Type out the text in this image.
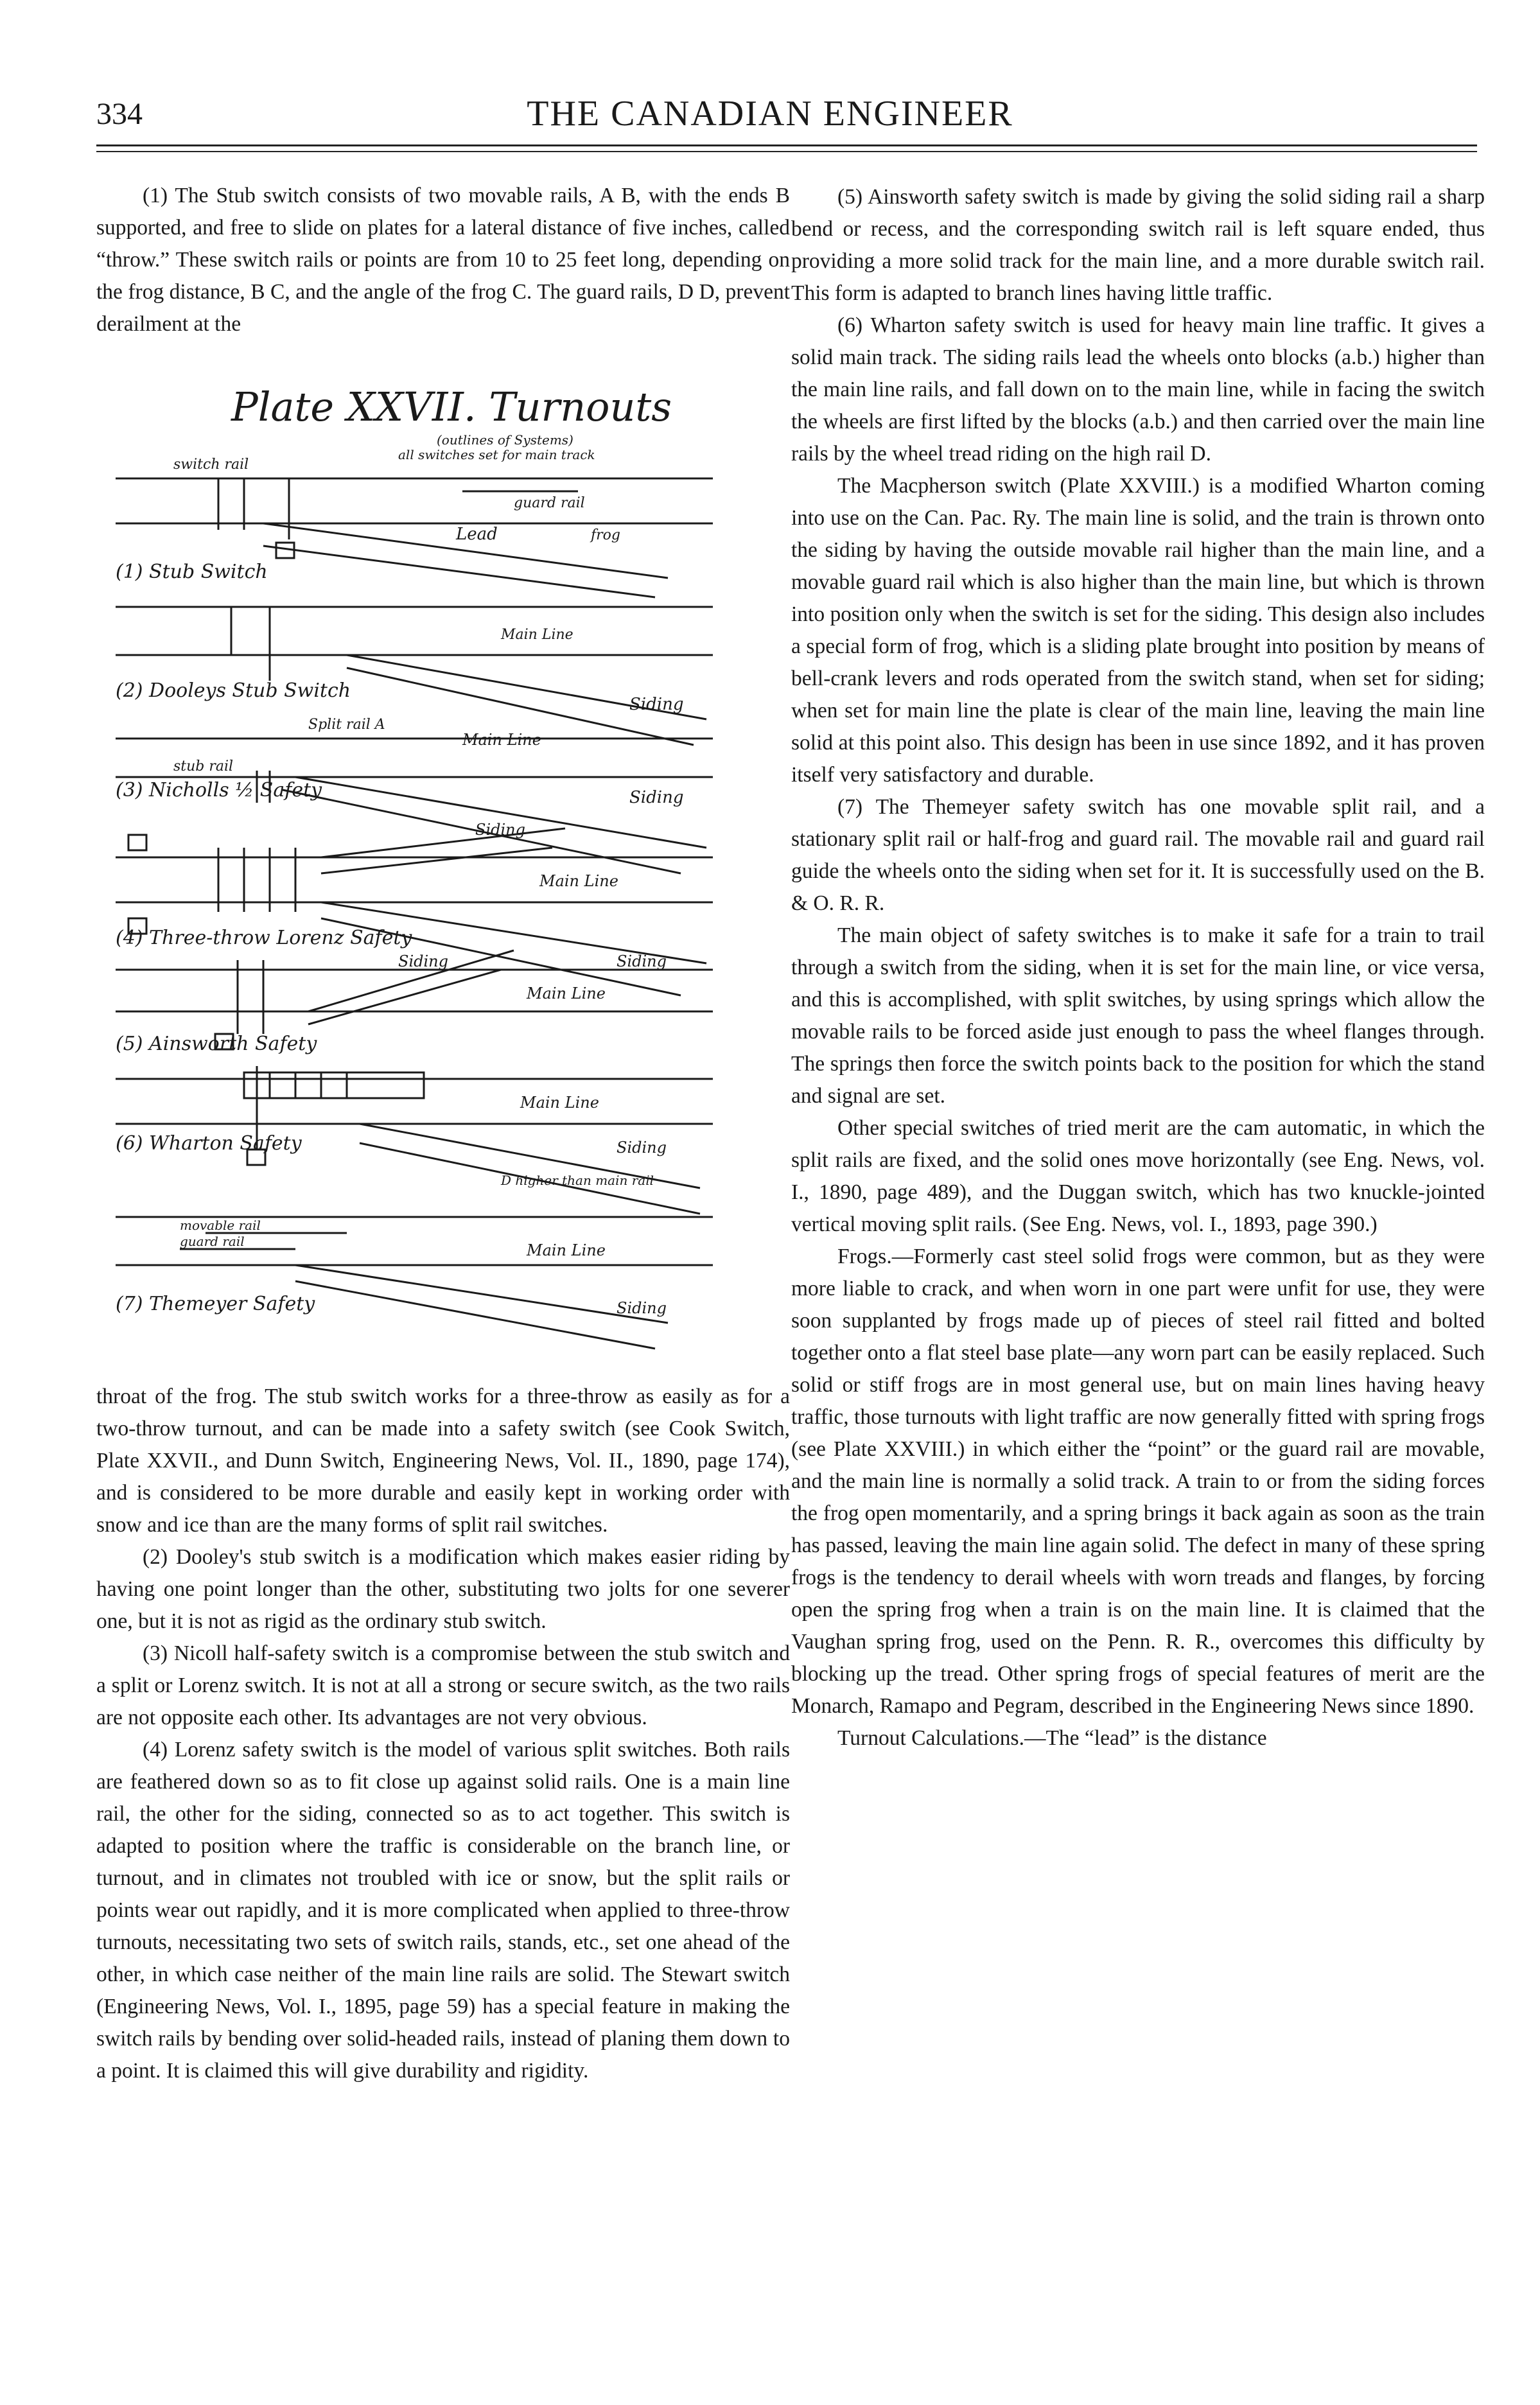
334	THE CANADIAN ENGINEER

(1) The Stub switch consists of two movable rails, A B, with the ends B supported, and free to slide on plates for a lateral distance of five inches, called “throw.” These switch rails or points are from 10 to 25 feet long, depending on the frog distance, B C, and the angle of the frog C. The guard rails, D D, prevent derailment at the

Plate XXVII. Turnouts
(outlines of Systems)
all switches set for main track
switch rail
guard rail
Lead	frog
(1) Stub Switch
Main Line
(2) Dooleys Stub Switch
Siding
Split rail A
Main Line
stub rail
(3) Nicholls ½ Safety	Siding
Siding
Main Line
(4) Three-throw Lorenz Safety
Siding
Siding
Main Line
(5) Ainsworth Safety
Main Line
(6) Wharton Safety	Siding
D higher than main rail
movable rail
guard rail	Main Line
(7) Themeyer Safety	Siding

throat of the frog. The stub switch works for a three-throw as easily as for a two-throw turnout, and can be made into a safety switch (see Cook Switch, Plate XXVII., and Dunn Switch, Engineering News, Vol. II., 1890, page 174), and is considered to be more durable and easily kept in working order with snow and ice than are the many forms of split rail switches.

(2) Dooley's stub switch is a modification which makes easier riding by having one point longer than the other, substituting two jolts for one severer one, but it is not as rigid as the ordinary stub switch.

(3) Nicoll half-safety switch is a compromise between the stub switch and a split or Lorenz switch. It is not at all a strong or secure switch, as the two rails are not opposite each other. Its advantages are not very obvious.

(4) Lorenz safety switch is the model of various split switches. Both rails are feathered down so as to fit close up against solid rails. One is a main line rail, the other for the siding, connected so as to act together. This switch is adapted to position where the traffic is considerable on the branch line, or turnout, and in climates not troubled with ice or snow, but the split rails or points wear out rapidly, and it is more complicated when applied to three-throw turnouts, necessitating two sets of switch rails, stands, etc., set one ahead of the other, in which case neither of the main line rails are solid. The Stewart switch (Engineering News, Vol. I., 1895, page 59) has a special feature in making the switch rails by bending over solid-headed rails, instead of planing them down to a point. It is claimed this will give durability and rigidity.

(5) Ainsworth safety switch is made by giving the solid siding rail a sharp bend or recess, and the corresponding switch rail is left square ended, thus providing a more solid track for the main line, and a more durable switch rail. This form is adapted to branch lines having little traffic.

(6) Wharton safety switch is used for heavy main line traffic. It gives a solid main track. The siding rails lead the wheels onto blocks (a.b.) higher than the main line rails, and fall down on to the main line, while in facing the switch the wheels are first lifted by the blocks (a.b.) and then carried over the main line rails by the wheel tread riding on the high rail D.

The Macpherson switch (Plate XXVIII.) is a modified Wharton coming into use on the Can. Pac. Ry. The main line is solid, and the train is thrown onto the siding by having the outside movable rail higher than the main line, and a movable guard rail which is also higher than the main line, but which is thrown into position only when the switch is set for the siding. This design also includes a special form of frog, which is a sliding plate brought into position by means of bell-crank levers and rods operated from the switch stand, when set for siding; when set for main line the plate is clear of the main line, leaving the main line solid at this point also. This design has been in use since 1892, and it has proven itself very satisfactory and durable.

(7) The Themeyer safety switch has one movable split rail, and a stationary split rail or half-frog and guard rail. The movable rail and guard rail guide the wheels onto the siding when set for it. It is successfully used on the B. & O. R. R.

The main object of safety switches is to make it safe for a train to trail through a switch from the siding, when it is set for the main line, or vice versa, and this is accomplished, with split switches, by using springs which allow the movable rails to be forced aside just enough to pass the wheel flanges through. The springs then force the switch points back to the position for which the stand and signal are set.

Other special switches of tried merit are the cam automatic, in which the split rails are fixed, and the solid ones move horizontally (see Eng. News, vol. I., 1890, page 489), and the Duggan switch, which has two knuckle-jointed vertical moving split rails. (See Eng. News, vol. I., 1893, page 390.)

Frogs.—Formerly cast steel solid frogs were common, but as they were more liable to crack, and when worn in one part were unfit for use, they were soon supplanted by frogs made up of pieces of steel rail fitted and bolted together onto a flat steel base plate—any worn part can be easily replaced. Such solid or stiff frogs are in most general use, but on main lines having heavy traffic, those turnouts with light traffic are now generally fitted with spring frogs (see Plate XXVIII.) in which either the “point” or the guard rail are movable, and the main line is normally a solid track. A train to or from the siding forces the frog open momentarily, and a spring brings it back again as soon as the train has passed, leaving the main line again solid. The defect in many of these spring frogs is the tendency to derail wheels with worn treads and flanges, by forcing open the spring frog when a train is on the main line. It is claimed that the Vaughan spring frog, used on the Penn. R. R., overcomes this difficulty by blocking up the tread. Other spring frogs of special features of merit are the Monarch, Ramapo and Pegram, described in the Engineering News since 1890.

Turnout Calculations.—The “lead” is the distance
